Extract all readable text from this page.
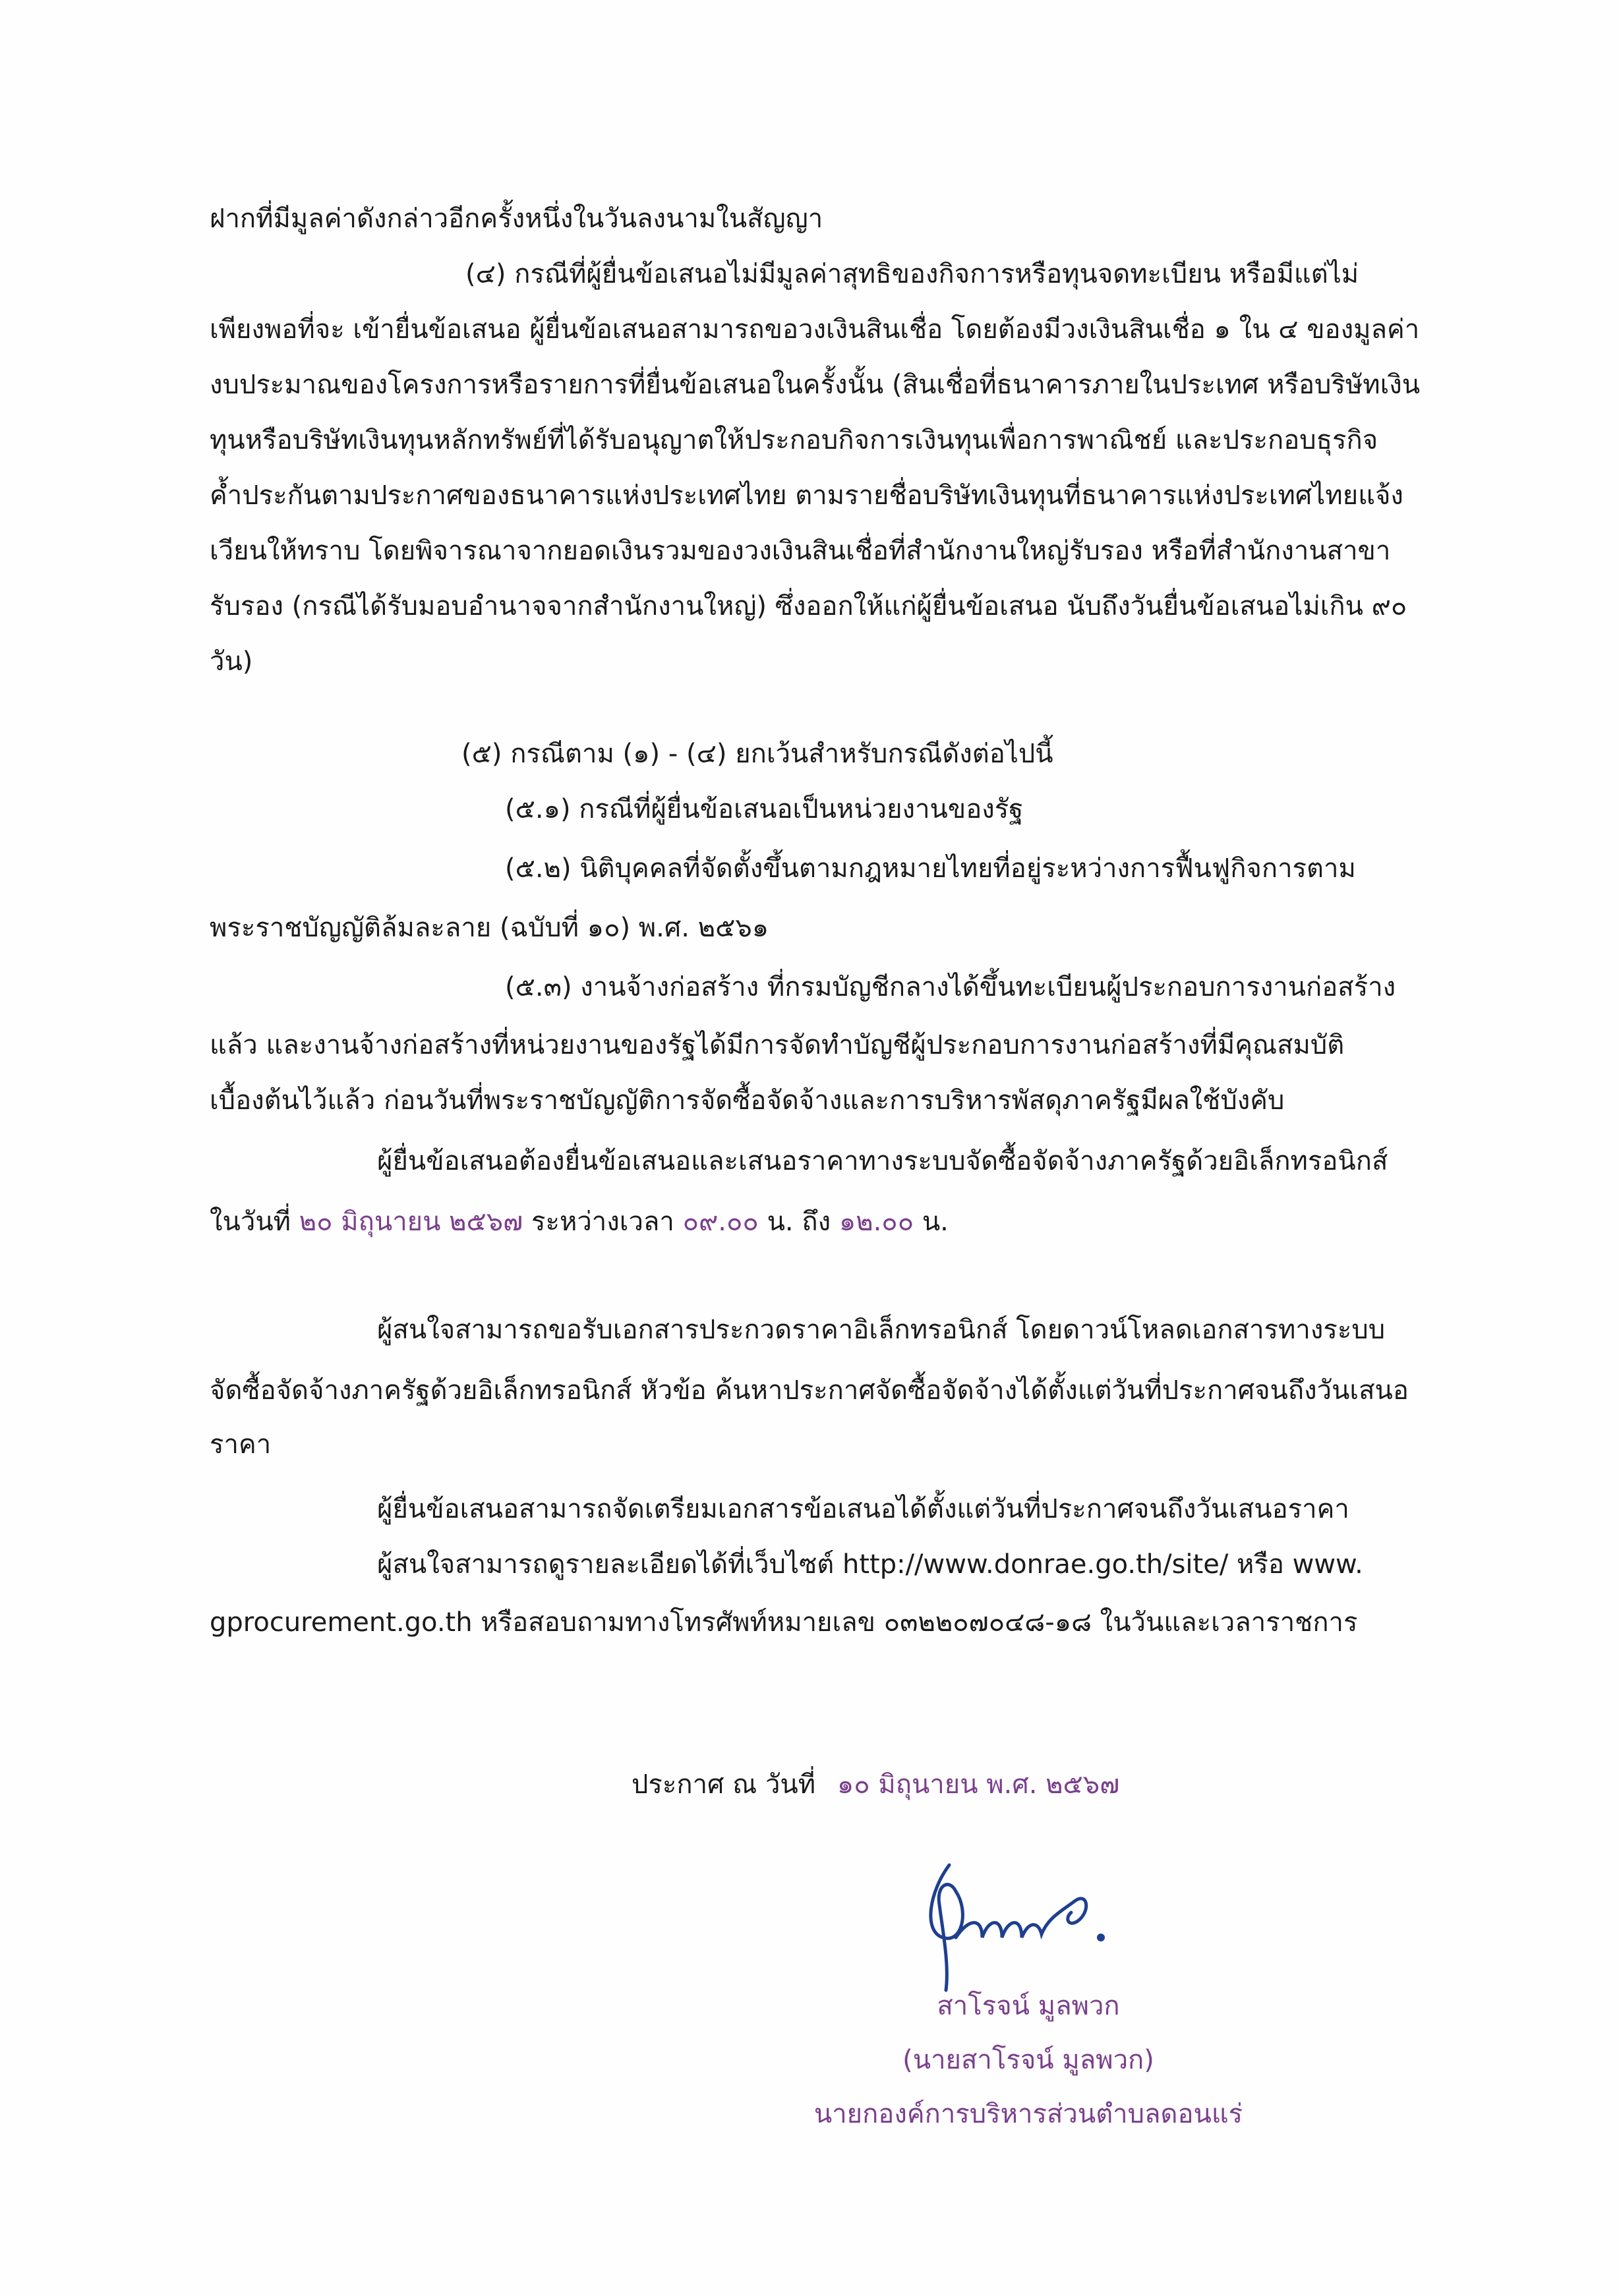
ฝากที่มีมูลค่าดังกล่าวอีกครั้งหนึ่งในวันลงนามในสัญญา
(๔) กรณีที่ผู้ยื่นข้อเสนอไม่มีมูลค่าสุทธิของกิจการหรือทุนจดทะเบียน หรือมีแต่ไม่
เพียงพอที่จะ เข้ายื่นข้อเสนอ ผู้ยื่นข้อเสนอสามารถขอวงเงินสินเชื่อ โดยต้องมีวงเงินสินเชื่อ ๑ ใน ๔ ของมูลค่า
งบประมาณของโครงการหรือรายการที่ยื่นข้อเสนอในครั้งนั้น (สินเชื่อที่ธนาคารภายในประเทศ หรือบริษัทเงิน
ทุนหรือบริษัทเงินทุนหลักทรัพย์ที่ได้รับอนุญาตให้ประกอบกิจการเงินทุนเพื่อการพาณิชย์ และประกอบธุรกิจ
ค้ำประกันตามประกาศของธนาคารแห่งประเทศไทย ตามรายชื่อบริษัทเงินทุนที่ธนาคารแห่งประเทศไทยแจ้ง
เวียนให้ทราบ โดยพิจารณาจากยอดเงินรวมของวงเงินสินเชื่อที่สำนักงานใหญ่รับรอง หรือที่สำนักงานสาขา
รับรอง (กรณีได้รับมอบอำนาจจากสำนักงานใหญ่) ซึ่งออกให้แก่ผู้ยื่นข้อเสนอ นับถึงวันยื่นข้อเสนอไม่เกิน ๙๐
วัน)
(๕) กรณีตาม (๑) - (๔) ยกเว้นสำหรับกรณีดังต่อไปนี้
(๕.๑) กรณีที่ผู้ยื่นข้อเสนอเป็นหน่วยงานของรัฐ
(๕.๒) นิติบุคคลที่จัดตั้งขึ้นตามกฎหมายไทยที่อยู่ระหว่างการฟื้นฟูกิจการตาม
พระราชบัญญัติล้มละลาย (ฉบับที่ ๑๐) พ.ศ. ๒๕๖๑
(๕.๓) งานจ้างก่อสร้าง ที่กรมบัญชีกลางได้ขึ้นทะเบียนผู้ประกอบการงานก่อสร้าง
แล้ว และงานจ้างก่อสร้างที่หน่วยงานของรัฐได้มีการจัดทำบัญชีผู้ประกอบการงานก่อสร้างที่มีคุณสมบัติ
เบื้องต้นไว้แล้ว ก่อนวันที่พระราชบัญญัติการจัดซื้อจัดจ้างและการบริหารพัสดุภาครัฐมีผลใช้บังคับ
ผู้ยื่นข้อเสนอต้องยื่นข้อเสนอและเสนอราคาทางระบบจัดซื้อจัดจ้างภาครัฐด้วยอิเล็กทรอนิกส์
ในวันที่ ๒๐ มิถุนายน ๒๕๖๗ ระหว่างเวลา ๐๙.๐๐ น. ถึง ๑๒.๐๐ น.
ผู้สนใจสามารถขอรับเอกสารประกวดราคาอิเล็กทรอนิกส์ โดยดาวน์โหลดเอกสารทางระบบ
จัดซื้อจัดจ้างภาครัฐด้วยอิเล็กทรอนิกส์ หัวข้อ ค้นหาประกาศจัดซื้อจัดจ้างได้ตั้งแต่วันที่ประกาศจนถึงวันเสนอ
ราคา
ผู้ยื่นข้อเสนอสามารถจัดเตรียมเอกสารข้อเสนอได้ตั้งแต่วันที่ประกาศจนถึงวันเสนอราคา
ผู้สนใจสามารถดูรายละเอียดได้ที่เว็บไซต์ http://www.donrae.go.th/site/ หรือ www.
gprocurement.go.th หรือสอบถามทางโทรศัพท์หมายเลข ๐๓๒๒๐๗๐๔๘-๑๘ ในวันและเวลาราชการ
ประกาศ ณ วันที่ ๑๐ มิถุนายน พ.ศ. ๒๕๖๗
สาโรจน์ มูลพวก
(นายสาโรจน์ มูลพวก)
นายกองค์การบริหารส่วนตำบลดอนแร่
